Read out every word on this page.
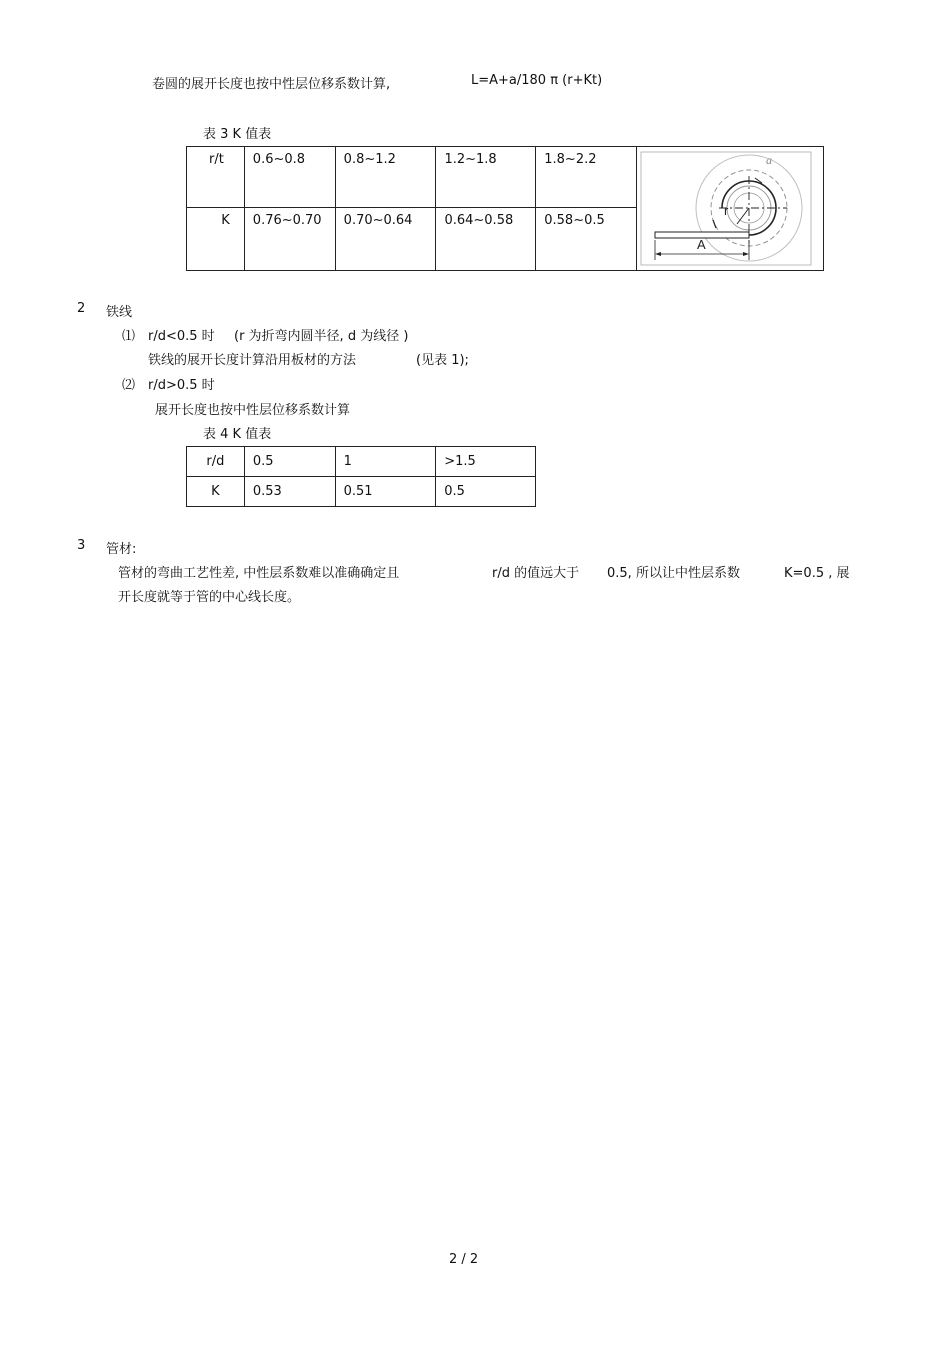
卷圆的展开长度也按中性层位移系数计算,	L=A+a/180 π (r+Kt)
表 3 K 值表
r/t	0.6~0.8	0.8~1.2	1.2~1.8	1.8~2.2	a
r
A

K	0.76~0.70	0.70~0.64	0.64~0.58	0.58~0.5	
2 铁线
⑴ r/d<0.5 时 (r 为折弯内圆半径, d 为线径 )
铁线的展开长度计算沿用板材的方法	(见表 1);
⑵ r/d>0.5 时
展开长度也按中性层位移系数计算
表 4 K 值表
r/d	0.5	1	>1.5

K	0.53	0.51	0.5
3 管材:
管材的弯曲工艺性差, 中性层系数难以准确确定且	r/d 的值远大于 0.5, 所以让中性层系数	K=0.5 , 展
开长度就等于管的中心线长度。
2 / 2
